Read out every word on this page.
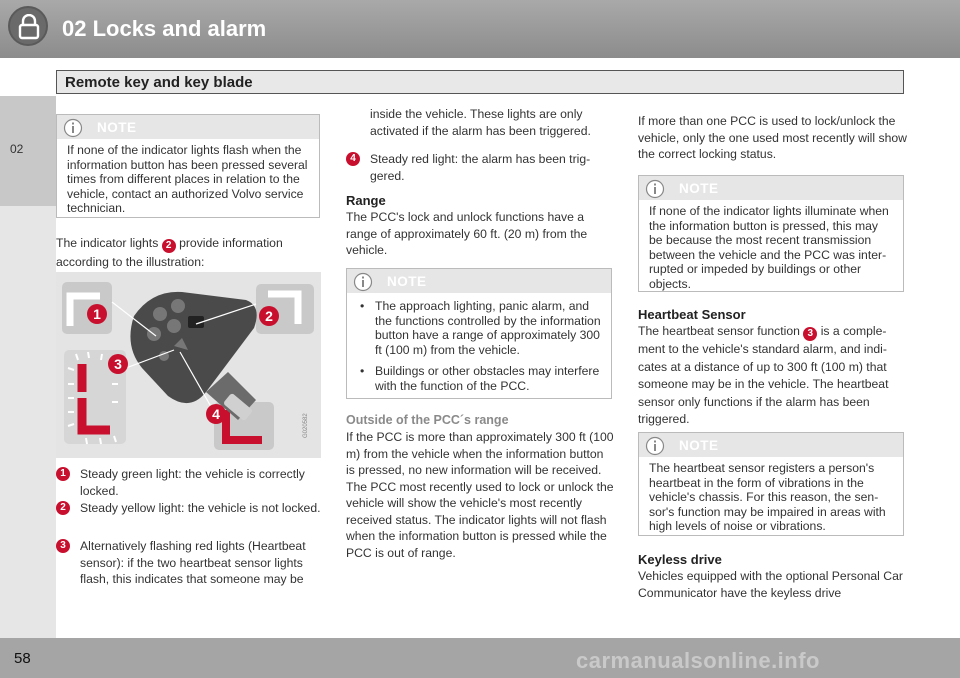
02 Locks and alarm
Remote key and key blade
02
NOTE
If none of the indicator lights flash when the information button has been pressed several times from different places in relation to the vehicle, contact an authorized Volvo service technician.
The indicator lights 2 provide information according to the illustration:
1	2
3
4	G020582
1	Steady green light: the vehicle is correctly locked.
2	Steady yellow light: the vehicle is not locked.
3	Alternatively flashing red lights (Heartbeat sensor): if the two heartbeat sensor lights flash, this indicates that someone may be
inside the vehicle. These lights are only activated if the alarm has been triggered.
4	Steady red light: the alarm has been triggered.
Range
The PCC's lock and unlock functions have a range of approximately 60 ft. (20 m) from the vehicle.
NOTE
• The approach lighting, panic alarm, and the functions controlled by the information button have a range of approximately 300 ft (100 m) from the vehicle.
• Buildings or other obstacles may interfere with the function of the PCC.
Outside of the PCC´s range
If the PCC is more than approximately 300 ft (100 m) from the vehicle when the information button is pressed, no new information will be received. The PCC most recently used to lock or unlock the vehicle will show the vehicle's most recently received status. The indicator lights will not flash when the information button is pressed while the PCC is out of range.
If more than one PCC is used to lock/unlock the vehicle, only the one used most recently will show the correct locking status.
NOTE
If none of the indicator lights illuminate when the information button is pressed, this may be because the most recent transmission between the vehicle and the PCC was interrupted or impeded by buildings or other objects.
Heartbeat Sensor
The heartbeat sensor function 3 is a complement to the vehicle's standard alarm, and indicates at a distance of up to 300 ft (100 m) that someone may be in the vehicle. The heartbeat sensor only functions if the alarm has been triggered.
NOTE
The heartbeat sensor registers a person's heartbeat in the form of vibrations in the vehicle's chassis. For this reason, the sensor's function may be impaired in areas with high levels of noise or vibrations.
Keyless drive
Vehicles equipped with the optional Personal Car Communicator have the keyless drive
58	carmanualsonline.info
